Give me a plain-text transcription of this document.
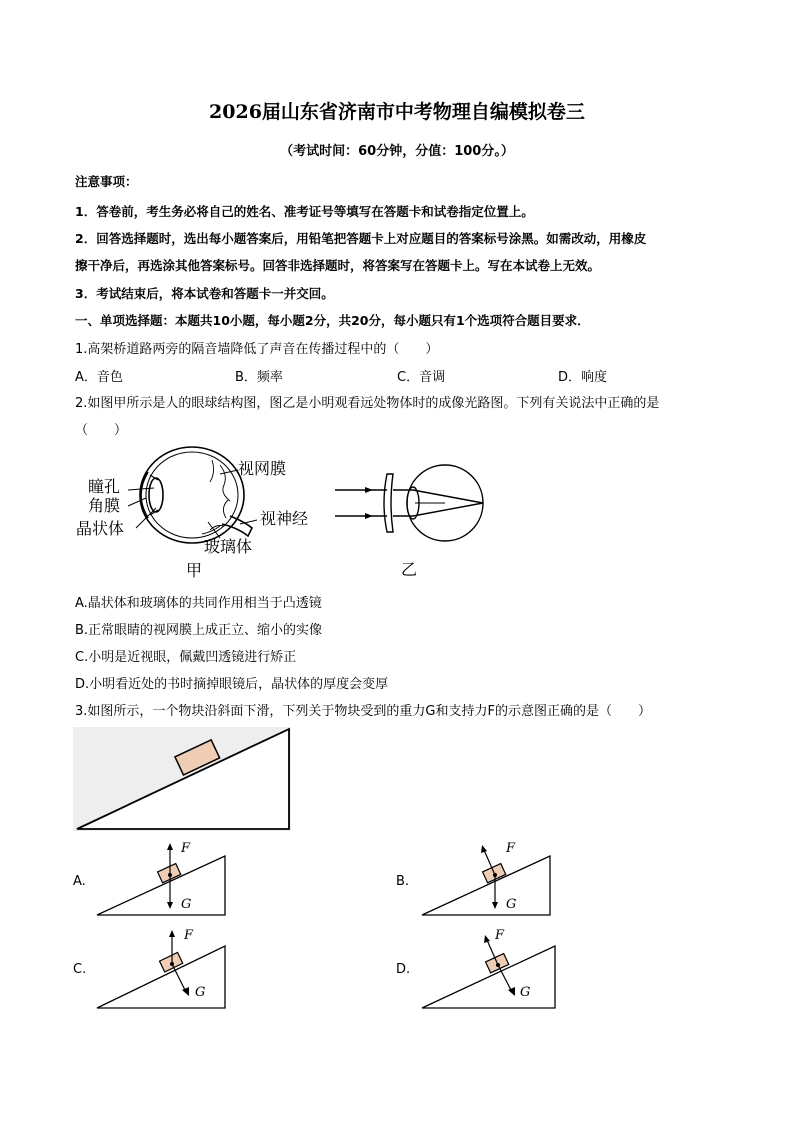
2026届山东省济南市中考物理自编模拟卷三
（考试时间：60分钟，分值：100分。）
注意事项：
1．答卷前，考生务必将自己的姓名、准考证号等填写在答题卡和试卷指定位置上。
2．回答选择题时，选出每小题答案后，用铅笔把答题卡上对应题目的答案标号涂黑。如需改动，用橡皮
擦干净后，再选涂其他答案标号。回答非选择题时，将答案写在答题卡上。写在本试卷上无效。
3．考试结束后，将本试卷和答题卡一并交回。
一、单项选择题：本题共10小题，每小题2分，共20分，每小题只有1个选项符合题目要求．
1.高架桥道路两旁的隔音墙降低了声音在传播过程中的（　　）
A．音色	B．频率	C．音调	D．响度
2.如图甲所示是人的眼球结构图，图乙是小明观看远处物体时的成像光路图。下列有关说法中正确的是
（　　）
视网膜
瞳孔
角膜
晶状体
视神经
玻璃体
甲	乙
A.晶状体和玻璃体的共同作用相当于凸透镜
B.正常眼睛的视网膜上成正立、缩小的实像
C.小明是近视眼，佩戴凹透镜进行矫正
D.小明看近处的书时摘掉眼镜后，晶状体的厚度会变厚
3.如图所示，一个物块沿斜面下滑，下列关于物块受到的重力G和支持力F的示意图正确的是（　　）
A.
F
G
B.
F
G
C.
F
G
D.
F
G
